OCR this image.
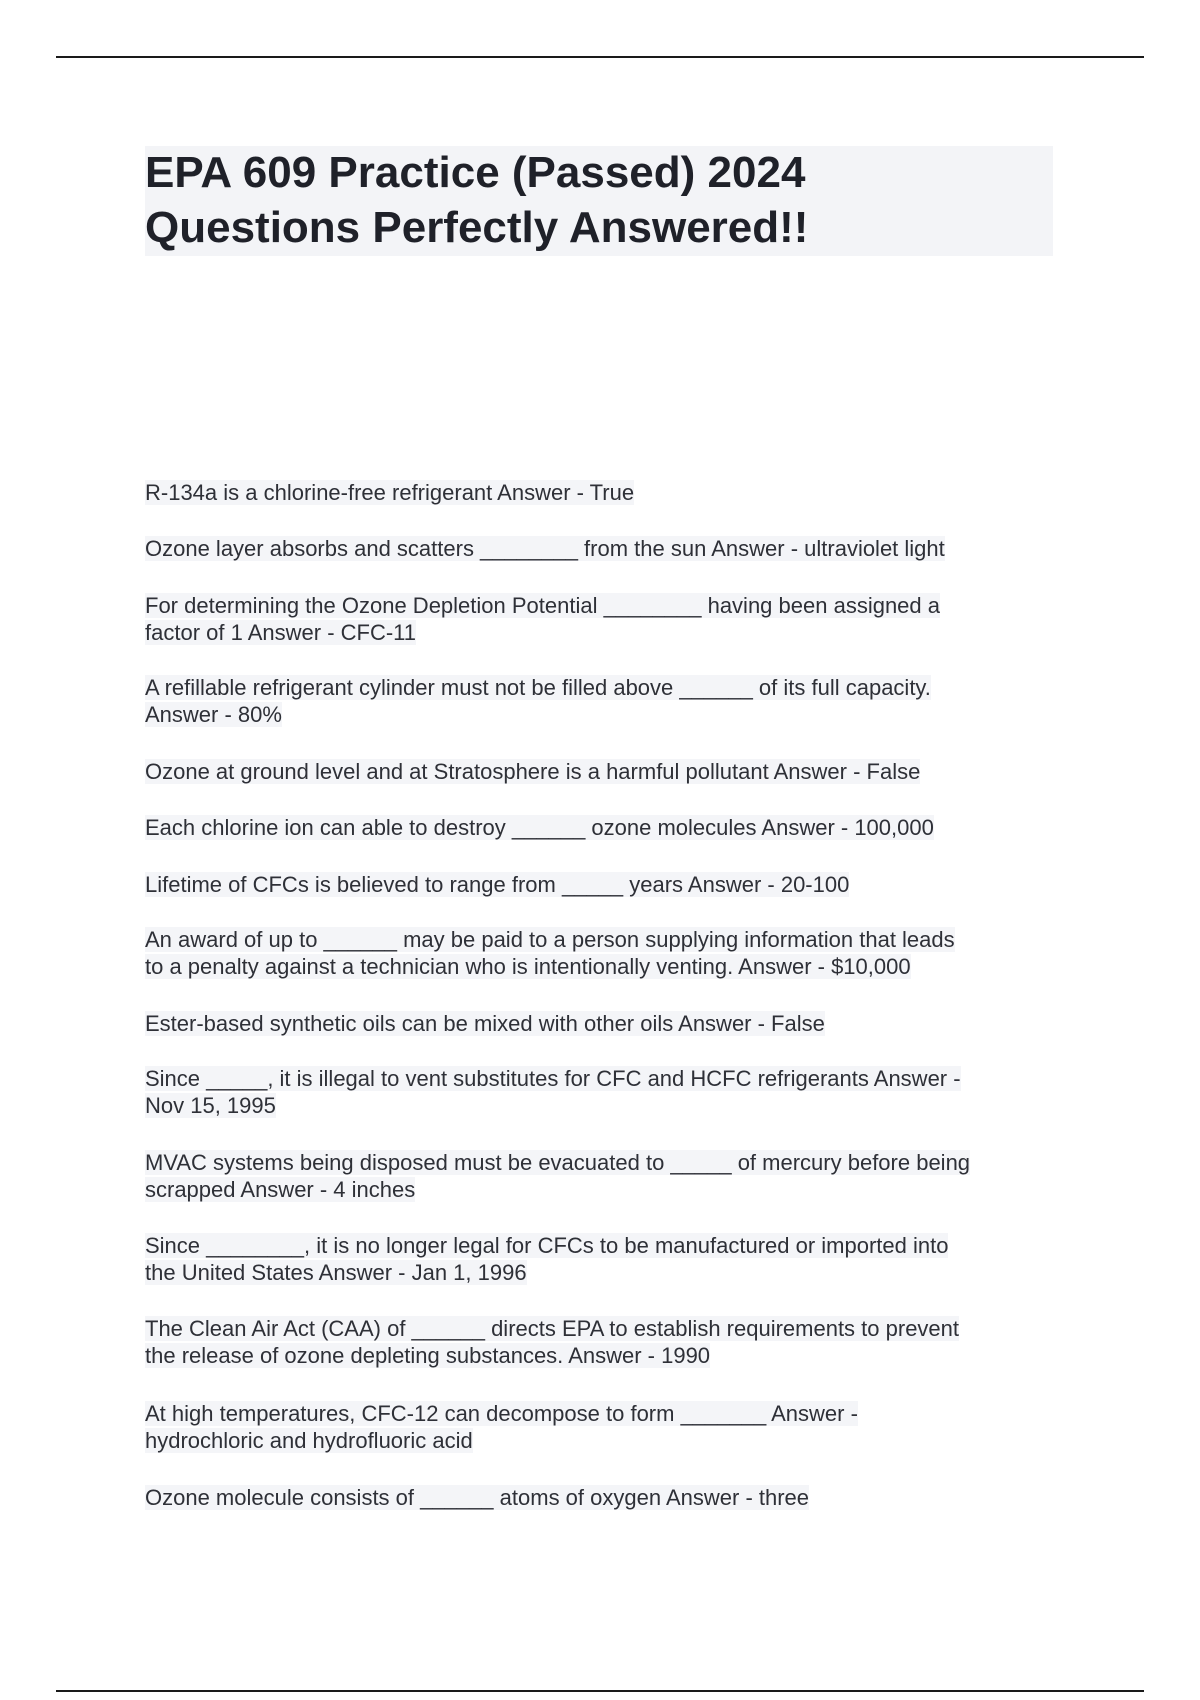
EPA 609 Practice (Passed) 2024
Questions Perfectly Answered!!
R-134a is a chlorine-free refrigerant Answer - True
Ozone layer absorbs and scatters ________ from the sun Answer - ultraviolet light
For determining the Ozone Depletion Potential ________ having been assigned a
factor of 1 Answer - CFC-11
A refillable refrigerant cylinder must not be filled above ______ of its full capacity.
Answer - 80%
Ozone at ground level and at Stratosphere is a harmful pollutant Answer - False
Each chlorine ion can able to destroy ______ ozone molecules Answer - 100,000
Lifetime of CFCs is believed to range from _____ years Answer - 20-100
An award of up to ______ may be paid to a person supplying information that leads
to a penalty against a technician who is intentionally venting. Answer - $10,000
Ester-based synthetic oils can be mixed with other oils Answer - False
Since _____, it is illegal to vent substitutes for CFC and HCFC refrigerants Answer -
Nov 15, 1995
MVAC systems being disposed must be evacuated to _____ of mercury before being
scrapped Answer - 4 inches
Since ________, it is no longer legal for CFCs to be manufactured or imported into
the United States Answer - Jan 1, 1996
The Clean Air Act (CAA) of ______ directs EPA to establish requirements to prevent
the release of ozone depleting substances. Answer - 1990
At high temperatures, CFC-12 can decompose to form _______ Answer -
hydrochloric and hydrofluoric acid
Ozone molecule consists of ______ atoms of oxygen Answer - three
